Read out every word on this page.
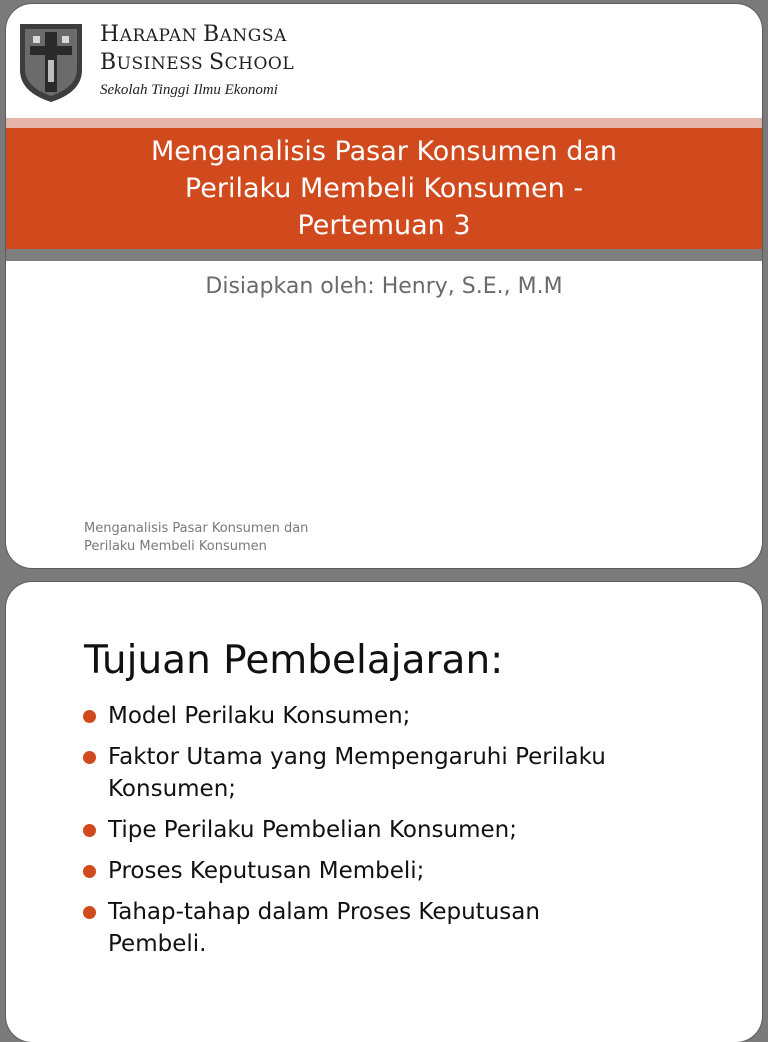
HARAPAN BANGSA
BUSINESS SCHOOL
Sekolah Tinggi Ilmu Ekonomi
Menganalisis Pasar Konsumen dan
Perilaku Membeli Konsumen -
Pertemuan 3
Disiapkan oleh: Henry, S.E., M.M
Menganalisis Pasar Konsumen dan
Perilaku Membeli Konsumen
Tujuan Pembelajaran:
Model Perilaku Konsumen;
Faktor Utama yang Mempengaruhi Perilaku
Konsumen;
Tipe Perilaku Pembelian Konsumen;
Proses Keputusan Membeli;
Tahap-tahap dalam Proses Keputusan
Pembeli.
